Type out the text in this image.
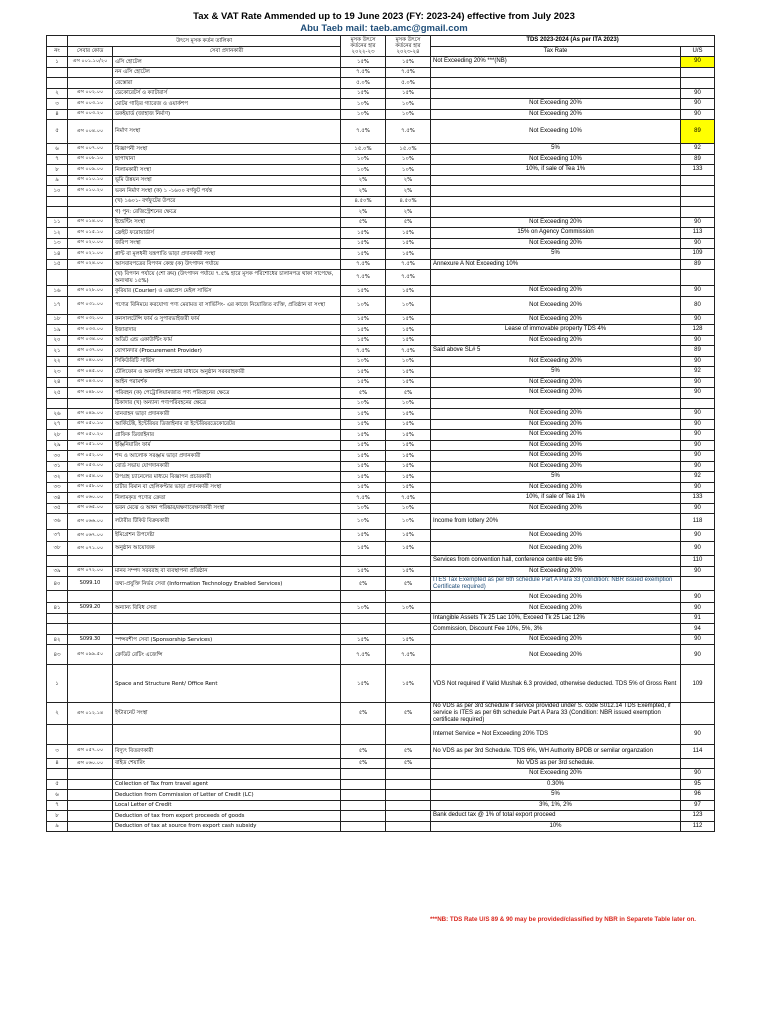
Tax & VAT Rate Ammended up to 19 June 2023 (FY: 2023-24) effective from July 2023
Abu Taeb mail: taeb.amc@gmail.com
	উৎসে মূসক কর্তন তালিকা		মূসক উৎসে কর্তনের হার ২০২২-২৩	মূসক উৎসে কর্তনের হার ২০২৩-২৪	TDS 2023-2024 (As per ITA 2023)	
নং	সেবার কোড	সেবা প্রদানকারী			Tax Rate	U/S
১	এস ০০১.১০/২০	এসি হোটেল	১৫%	১৫%	Not Exceeding 20% ***(NB)	90
		নন এসি হোটেল	৭.৫%	৭.৫%		
		রেস্তোরা	৫.০%	৫.০%		
২	এস ০০২.০০	ডেকোরেটর্স ও ক্যাটারার্স	১৫%	১৫%		90
৩	এস ০০৩.১০	মোটর গাড়ির গ্যারেজ ও ওয়ার্কশপ	১০%	১০%	Not Exceeding 20%	90
৪	এস ০০৩.২০	ডকইয়ার্ড (জাহাজ নির্মাণ)	১০%	১০%	Not Exceeding 20%	90
৫	এস ০০৪.০০	নির্মাণ সংস্থা	৭.৫%	৭.৫%	Not Exceeding 10%	89
৬	এস ০০৭.০০	বিজ্ঞাপনী সংস্থা	১৫.০%	১৫.০%	5%	92
৭	এস ০০৮.১০	ছাপাখানা	১০%	১০%	Not Exceeding 10%	89
৮	এস ০০৯.০০	নিলামকারী সংস্থা	১০%	১০%	10%, if sale of Tea 1%	133
৯	এস ০১০.১০	ভূমি উন্নয়ন সংস্থা	২%	২%		
১০	এস ০১০.২০	ভবন নির্মাণ সংস্থা (ক) ১ -১৬০০ বর্গফুট পর্যন্ত	২%	২%		
		(খ) ১৬০১- বর্গফুটের উপরে	৪.৫০%	৪.৫০%		
		গ) পুন: রেজিস্ট্রেশনের ক্ষেত্রে	২%	২%		
১১	এস ০১৪.০০	ইন্ডেন্টিং সংস্থা	৫%	৫%	Not Exceeding 20%	90
১২	এস ০১৫.১০	ফ্রেইট ফরোয়ার্ডার্স	১৫%	১৫%	15% on Agency Commission	113
১৩	এস ০২০.০০	জরিপ সংস্থা	১৫%	১৫%	Not Exceeding 20%	90
১৪	এস ০২১.০০	প্লান্ট বা মূলধনী যন্ত্রপাতি ভাড়া প্রদানকারী সংস্থা	১৫%	১৫%	5%	109
১৫	এস ০২৪.০০	আসবাবপত্রের বিপণন কেন্দ্র (ক) উৎপাদন পর্যায়ে	৭.৫%	৭.৫%	Annexure A Not Exceeding 10%	89
		(খ) বিপণন পর্যায়ে (শো রুম) (উৎপাদন পর্যায়ে ৭.৫% হারে মূসক পরিশোধের চালানপত্র থাকা সাপেক্ষে, অন্যথায় ১৫%)	৭.৫%	৭.৫%		
১৬	এস ০২৮.০০	কুরিয়ার (Courier) ও এক্সপ্রেস মেইল সার্ভিস	১৫%	১৫%	Not Exceeding 20%	90
১৭	এস ০৩১.০০	পণ্যের বিনিময়ে করযোগ্য পণ্য মেরামত বা সার্ভিসিং- এর কাজে নিয়োজিত ব্যক্তি, প্রতিষ্ঠান বা সংস্থা	১০%	১০%	Not Exceeding 20%	80
১৮	এস ০৩২.০০	কনসালটেন্সি ফার্ম ও সুপারভাইজরী ফার্ম	১৫%	১৫%	Not Exceeding 20%	90
১৯	এস ০৩৩.০০	ইজারাদার	১৫%	১৫%	Lease of immovable property TDS 4%	128
২০	এস ০৩৪.০০	অডিট এন্ড একাউন্টিং ফার্ম	১৫%	১৫%	Not Exceeding 20%	90
২১	এস ০৩৭.০০	যোগানদার (Procurement Provider)	৭.৫%	৭.৫%	Said above SL# 5	89
২২	এস ০৪০.০০	সিকিউরিটি সার্ভিস	১০%	১০%	Not Exceeding 20%	90
২৩	এস ০৪৫.০০	টেলিফোন ও অনলাইন সম্প্রচার মাধ্যমে অনুষ্ঠান সরবরাহকারী	১৫%	১৫%	5%	92
২৪	এস ০৪৩.০০	আইন পরামর্শক	১৫%	১৫%	Not Exceeding 20%	90
২৫	এস ০৪৮.০০	পরিবহন (ক) পেট্রোলিয়ামজাত পণ্য পরিবহনের ক্ষেত্রে	৫%	৫%	Not Exceeding 20%	90
		ঠিকাদার (খ) অন্যান্য পণ্যপরিবহনের ক্ষেত্রে	১০%	১০%		
২৬	এস ০৪৯.০০	যানবাহন ভাড়া প্রদানকারী	১৫%	১৫%	Not Exceeding 20%	90
২৭	এস ০৫০.১০	আর্কিটেক্ট, ইন্টেরিয়র ডিজাইনার বা ইন্টেরিয়রডেকোরেটর	১৫%	১৫%	Not Exceeding 20%	90
২৮	এস ০৫০.২০	গ্রাফিক ডিজাইনার	১৫%	১৫%	Not Exceeding 20%	90
২৯	এস ০৫১.০০	ইঞ্জিনিয়ারিং ফার্ম	১৫%	১৫%	Not Exceeding 20%	90
৩০	এস ০৫২.০০	শব্দ ও আলোক সরঞ্জাম ভাড়া প্রদানকারী	১৫%	১৫%	Not Exceeding 20%	90
৩১	এস ০৫৩.০০	বোর্ড সভায় যোগদানকারী	১৫%	১৫%	Not Exceeding 20%	90
৩২	এস ০৫৪.০০	উপগ্রহ চ্যানেলের মাধ্যমে বিজ্ঞাপন প্রচারকারী	১৫%	১৫%	5%	92
৩৩	এস ০৫৮.০০	চার্টার বিমান বা হেলিকপ্টার ভাড়া প্রদানকারী সংস্থা	১৫%	১৫%	Not Exceeding 20%	90
৩৪	এস ০৬০.০০	নিলামকৃত পণ্যের ক্রেতা	৭.৫%	৭.৫%	10%, if sale of Tea 1%	133
৩৫	এস ০৬৫.০০	ভবন মেঝে ও অঙ্গন পরিষ্কার/রক্ষণাবেক্ষণকারী সংস্থা	১০%	১০%	Not Exceeding 20%	90
৩৬	এস ০৬৬.০০	লটারীর টিকিট বিক্রয়কারী	১০%	১০%	Income from lottery 20%	118
৩৭	এস ০৬৭.০০	ইমিগ্রেশন উপদেষ্টা	১৫%	১৫%	Not Exceeding 20%	90
৩৮	এস ০৭১.০০	অনুষ্ঠান আয়োজক	১৫%	১৫%	Not Exceeding 20%	90
					Services from convention hall, conference centre etc 5%	110
৩৯	এস ০৭২.০০	মানব সম্পদ সরবরাহ বা ব্যবস্থাপনা প্রতিষ্ঠান	১৫%	১৫%	Not Exceeding 20%	90
৪০	S099.10	তথ্য-প্রযুক্তি নির্ভর সেবা (Information Technology Enabled Services)	৫%	৫%	ITES Tax Exempted as per 6th schedule Part A Para 33 (condition: NBR issued exemption Certificate required)	
					Not Exceeding 20%	90
৪১	S099.20	অন্যান্য বিবিধ সেবা	১০%	১০%	Not Exceeding 20%	90
					Intangible Assets Tk 25 Lac 10%, Exceed Tk 25 Lac 12%	91
					Commission, Discount Fee 10%, 5%, 3%	94
৪২	S099.30	স্পন্সরশীপ সেবা (Sponsorship Services)	১৫%	১৫%	Not Exceeding 20%	90
৪৩	এস ০৯৯.৫০	ক্রেডিট রেটিং এজেন্সি	৭.৫%	৭.৫%	Not Exceeding 20%	90
১		Space and Structure Rent/ Office Rent	১৫%	১৫%	VDS Not required if Valid Mushak 6.3 provided, otherwise deducted. TDS 5% of Gross Rent	109
২	এস ০১২.১৪	ইন্টারনেট সংস্থা	৫%	৫%	No VDS as per 3rd schedule if service provided under S. code S012.14 TDS Exempted, if service is ITES as per 6th schedule Part A Para 33 (Condition: NBR issued exemption certificate required)	
					Internet Service = Not Exceeding 20% TDS	90
৩	এস ০৫৭.০০	বিদ্যুৎ বিতরণকারী	৫%	৫%	No VDS as per 3rd Schedule. TDS 6%, WH Authority BPDB or semilar organzation	114
৪	এস ০৬০.০০	বাইড শেয়ারিং	৫%	৫%	No VDS as per 3rd schedule.	
					Not Exceeding 20%	90
৫		Collection of Tax from travel agent			0.30%	95
৬		Deduction from Commission of Letter of Credit (LC)			5%	96
৭		Local Letter of Credit			3%, 1%, 2%	97
৮		Deduction of tax from export proceeds of goods			Bank deduct tax @ 1% of total export proceed	123
৯		Deduction of tax at source from export cash subsidy			10%	112
***NB: TDS Rate U/S 89 & 90 may be provided/classified by NBR in Separete Table later on.
